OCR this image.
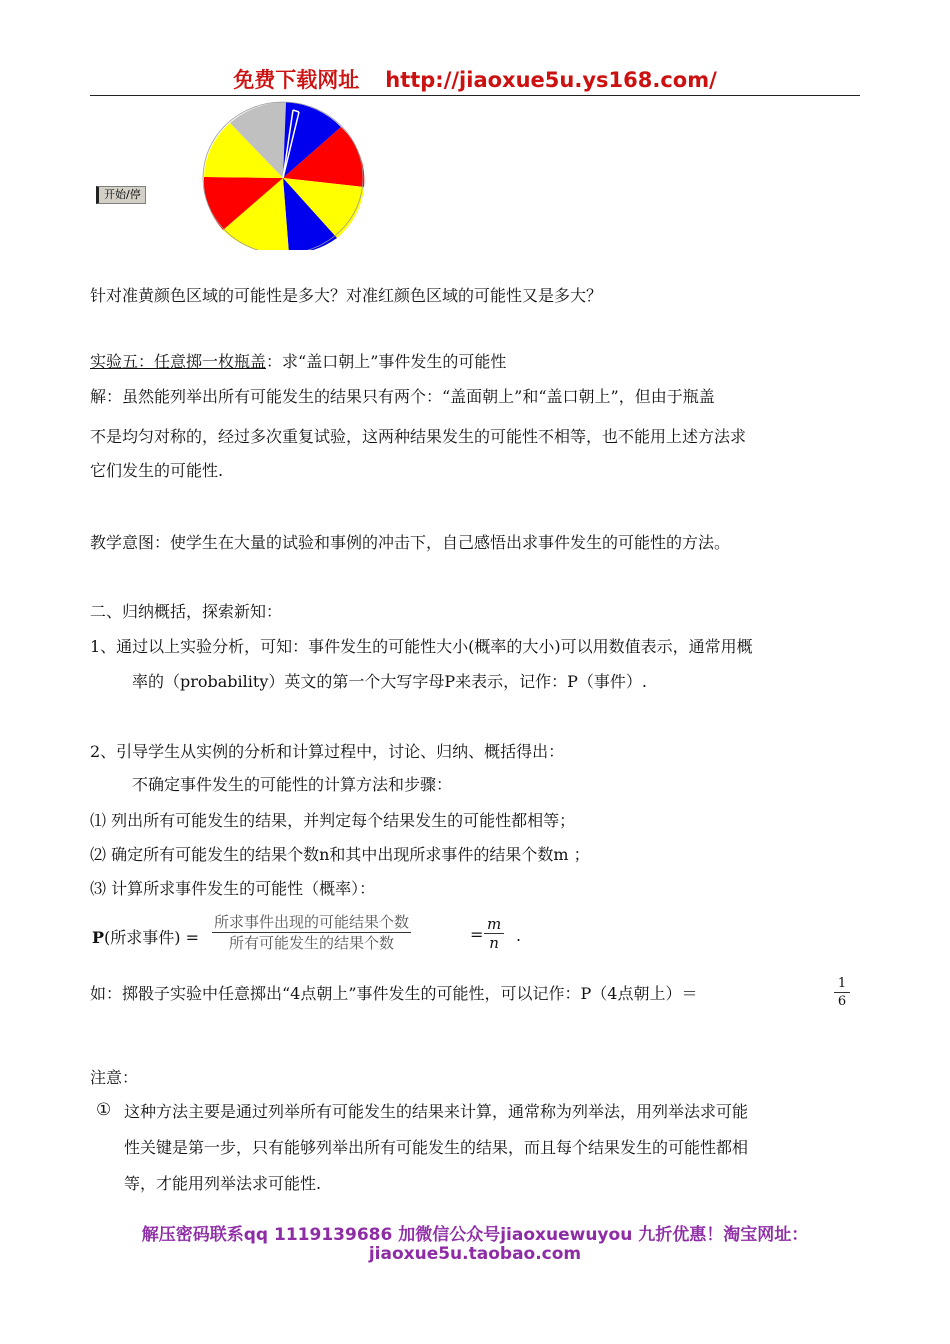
免费下载网址 http://jiaoxue5u.ys168.com/
开始/停
针对准黄颜色区域的可能性是多大？对准红颜色区域的可能性又是多大？
实验五：任意掷一枚瓶盖：求“盖口朝上”事件发生的可能性
解：虽然能列举出所有可能发生的结果只有两个：“盖面朝上”和“盖口朝上”，但由于瓶盖
不是均匀对称的，经过多次重复试验，这两种结果发生的可能性不相等，也不能用上述方法求
它们发生的可能性.
教学意图：使学生在大量的试验和事例的冲击下，自己感悟出求事件发生的可能性的方法。
二、归纳概括，探索新知：
1、通过以上实验分析，可知：事件发生的可能性大小(概率的大小)可以用数值表示，通常用概
率的（probability）英文的第一个大写字母P来表示，记作：P（事件）.
2、引导学生从实例的分析和计算过程中，讨论、归纳、概括得出：
不确定事件发生的可能性的计算方法和步骤：
⑴ 列出所有可能发生的结果，并判定每个结果发生的可能性都相等；
⑵ 确定所有可能发生的结果个数n和其中出现所求事件的结果个数m ；
⑶ 计算所求事件发生的可能性（概率）：
P(所求事件) =
所求事件出现的可能结果个数
所有可能发生的结果个数	= $\frac{m}{n}$ .
如：掷骰子实验中任意掷出“4点朝上”事件发生的可能性，可以记作：P（4点朝上）＝	$\frac{1}{6}$
注意：
① 这种方法主要是通过列举所有可能发生的结果来计算，通常称为列举法，用列举法求可能
性关键是第一步，只有能够列举出所有可能发生的结果，而且每个结果发生的可能性都相
等，才能用列举法求可能性.
解压密码联系qq 1119139686 加微信公众号jiaoxuewuyou 九折优惠！淘宝网址：
jiaoxue5u.taobao.com
